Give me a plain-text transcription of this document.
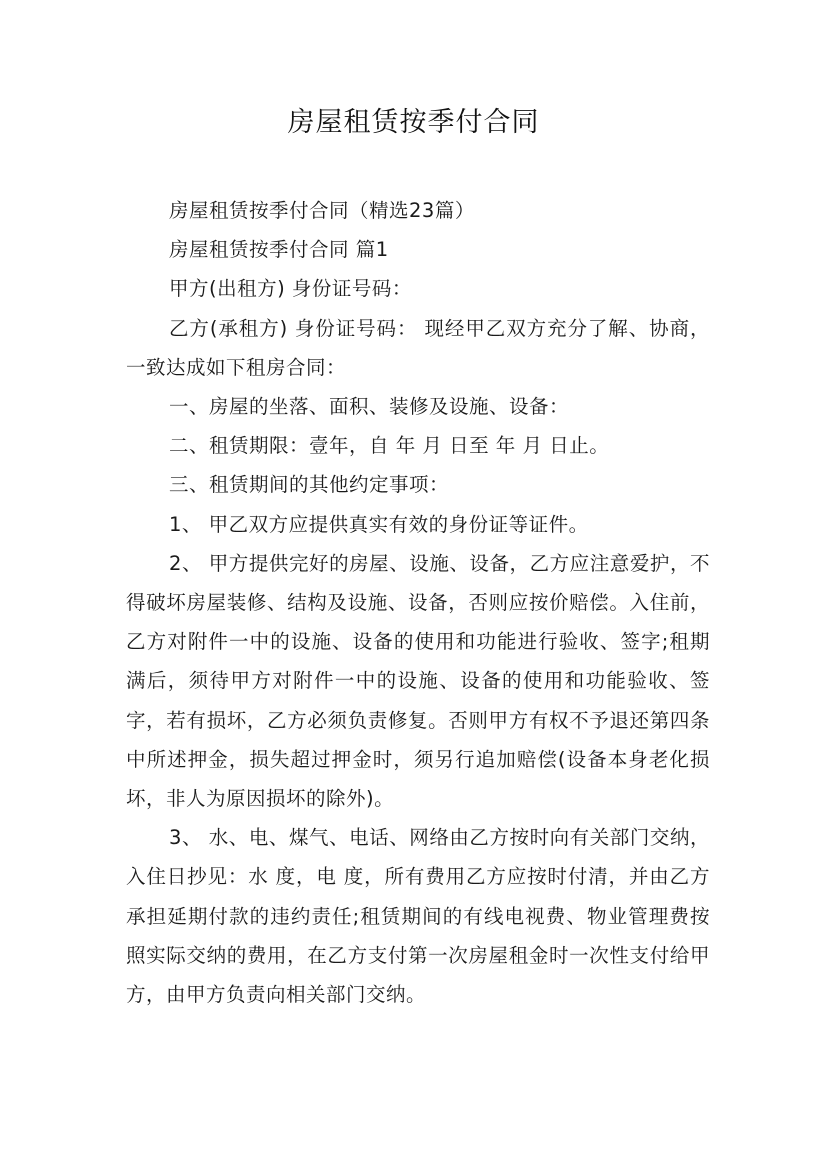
房屋租赁按季付合同

房屋租赁按季付合同（精选23篇）

房屋租赁按季付合同 篇1

甲方(出租方) 身份证号码：

乙方(承租方) 身份证号码： 现经甲乙双方充分了解、协商，一致达成如下租房合同：

一、房屋的坐落、面积、装修及设施、设备：

二、租赁期限：壹年，自 年 月 日至 年 月 日止。

三、租赁期间的其他约定事项：

1、 甲乙双方应提供真实有效的身份证等证件。

2、 甲方提供完好的房屋、设施、设备，乙方应注意爱护，不得破坏房屋装修、结构及设施、设备，否则应按价赔偿。入住前，乙方对附件一中的设施、设备的使用和功能进行验收、签字;租期满后，须待甲方对附件一中的设施、设备的使用和功能验收、签字，若有损坏，乙方必须负责修复。否则甲方有权不予退还第四条中所述押金，损失超过押金时，须另行追加赔偿(设备本身老化损坏，非人为原因损坏的除外)。

3、 水、电、煤气、电话、网络由乙方按时向有关部门交纳，入住日抄见：水 度，电 度，所有费用乙方应按时付清，并由乙方承担延期付款的违约责任;租赁期间的有线电视费、物业管理费按照实际交纳的费用，在乙方支付第一次房屋租金时一次性支付给甲方，由甲方负责向相关部门交纳。
